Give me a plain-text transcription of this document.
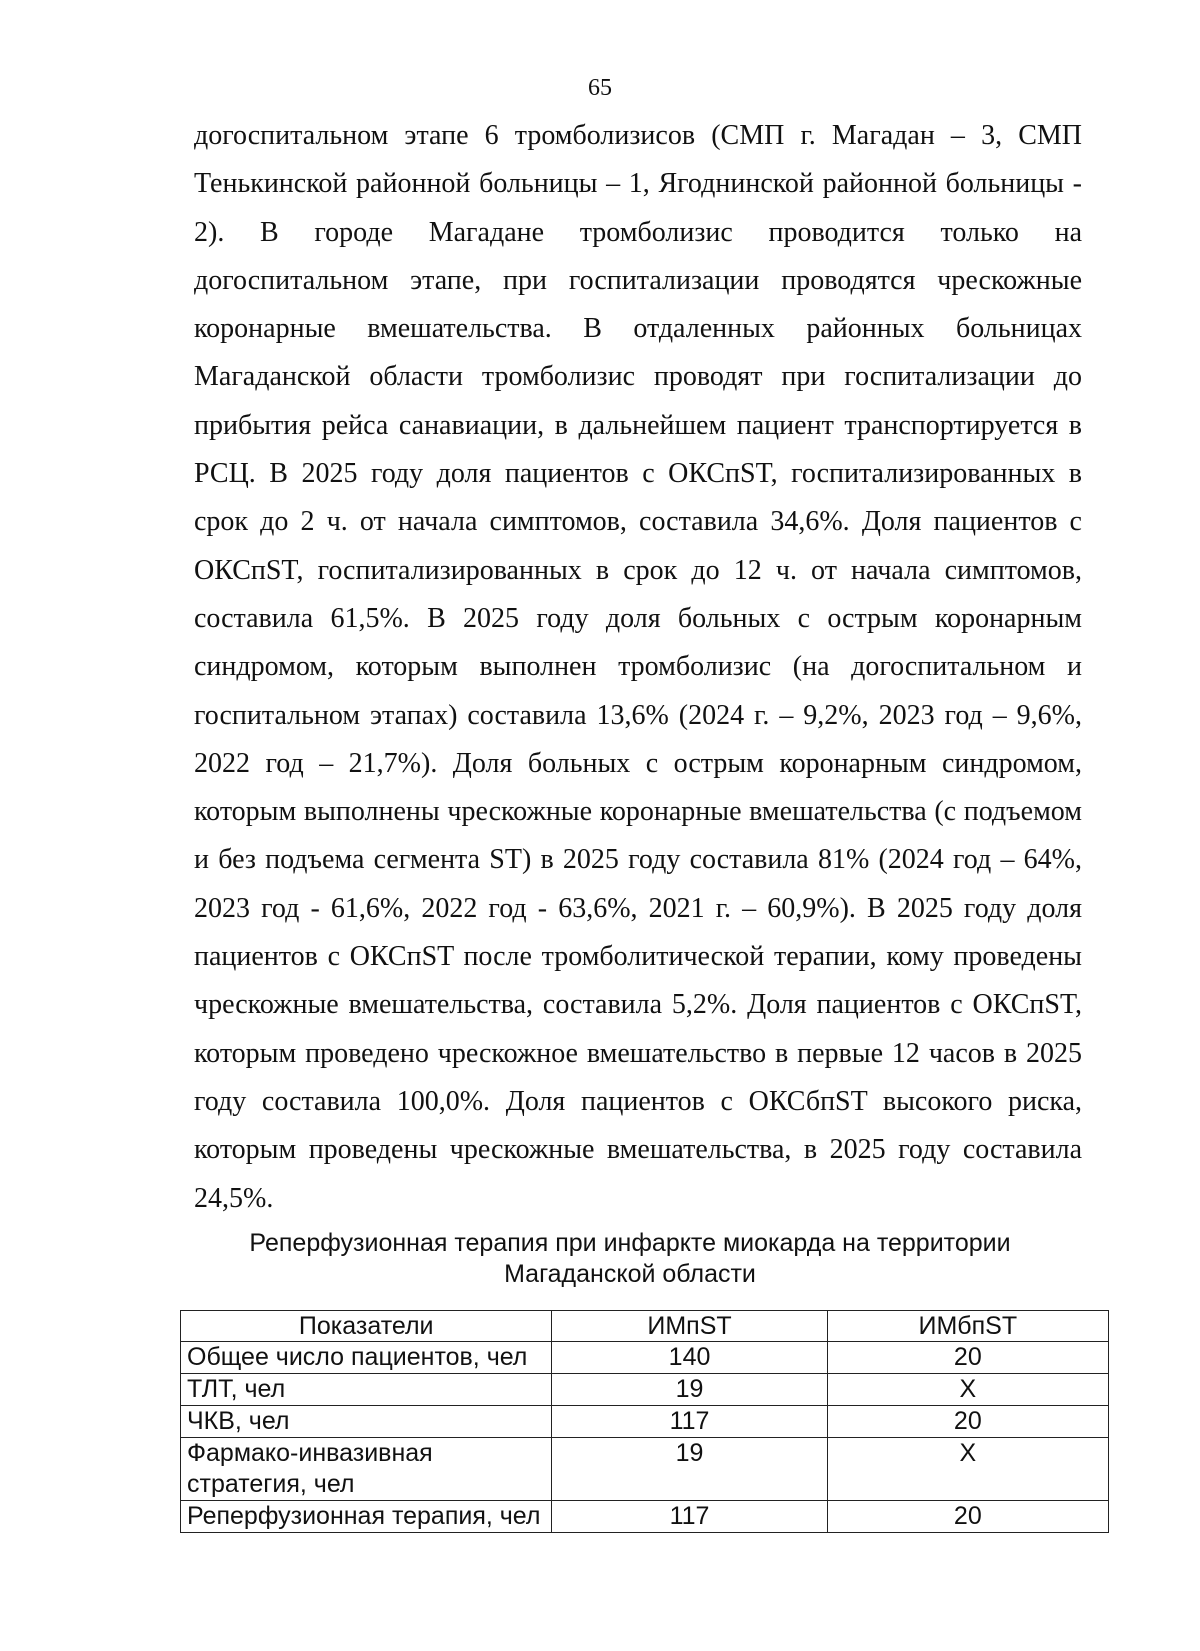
65
догоспитальном этапе 6 тромболизисов (СМП г. Магадан – 3, СМП
Тенькинской районной больницы – 1, Ягоднинской районной больницы -
2). В городе Магадане тромболизис проводится только на
догоспитальном этапе, при госпитализации проводятся чрескожные
коронарные вмешательства. В отдаленных районных больницах
Магаданской области тромболизис проводят при госпитализации до
прибытия рейса санавиации, в дальнейшем пациент транспортируется в
РСЦ. В 2025 году доля пациентов с ОКСпST, госпитализированных в
срок до 2 ч. от начала симптомов, составила 34,6%. Доля пациентов с
ОКСпST, госпитализированных в срок до 12 ч. от начала симптомов,
составила 61,5%. В 2025 году доля больных с острым коронарным
синдромом, которым выполнен тромболизис (на догоспитальном и
госпитальном этапах) составила 13,6% (2024 г. – 9,2%, 2023 год – 9,6%,
2022 год – 21,7%). Доля больных с острым коронарным синдромом,
которым выполнены чрескожные коронарные вмешательства (с подъемом
и без подъема сегмента ST) в 2025 году составила 81% (2024 год – 64%,
2023 год - 61,6%, 2022 год - 63,6%, 2021 г. – 60,9%). В 2025 году доля
пациентов с ОКСпST после тромболитической терапии, кому проведены
чрескожные вмешательства, составила 5,2%. Доля пациентов с ОКСпST,
которым проведено чрескожное вмешательство в первые 12 часов в 2025
году составила 100,0%. Доля пациентов с ОКСбпST высокого риска,
которым проведены чрескожные вмешательства, в 2025 году составила
24,5%.
Реперфузионная терапия при инфаркте миокарда на территории
Магаданской области
Показатели	ИМпST	ИМбпST
Общее число пациентов, чел	140	20
ТЛТ, чел	19	X
ЧКВ, чел	117	20
Фармако-инвазивная
стратегия, чел	19	X
Реперфузионная терапия, чел	117	20
